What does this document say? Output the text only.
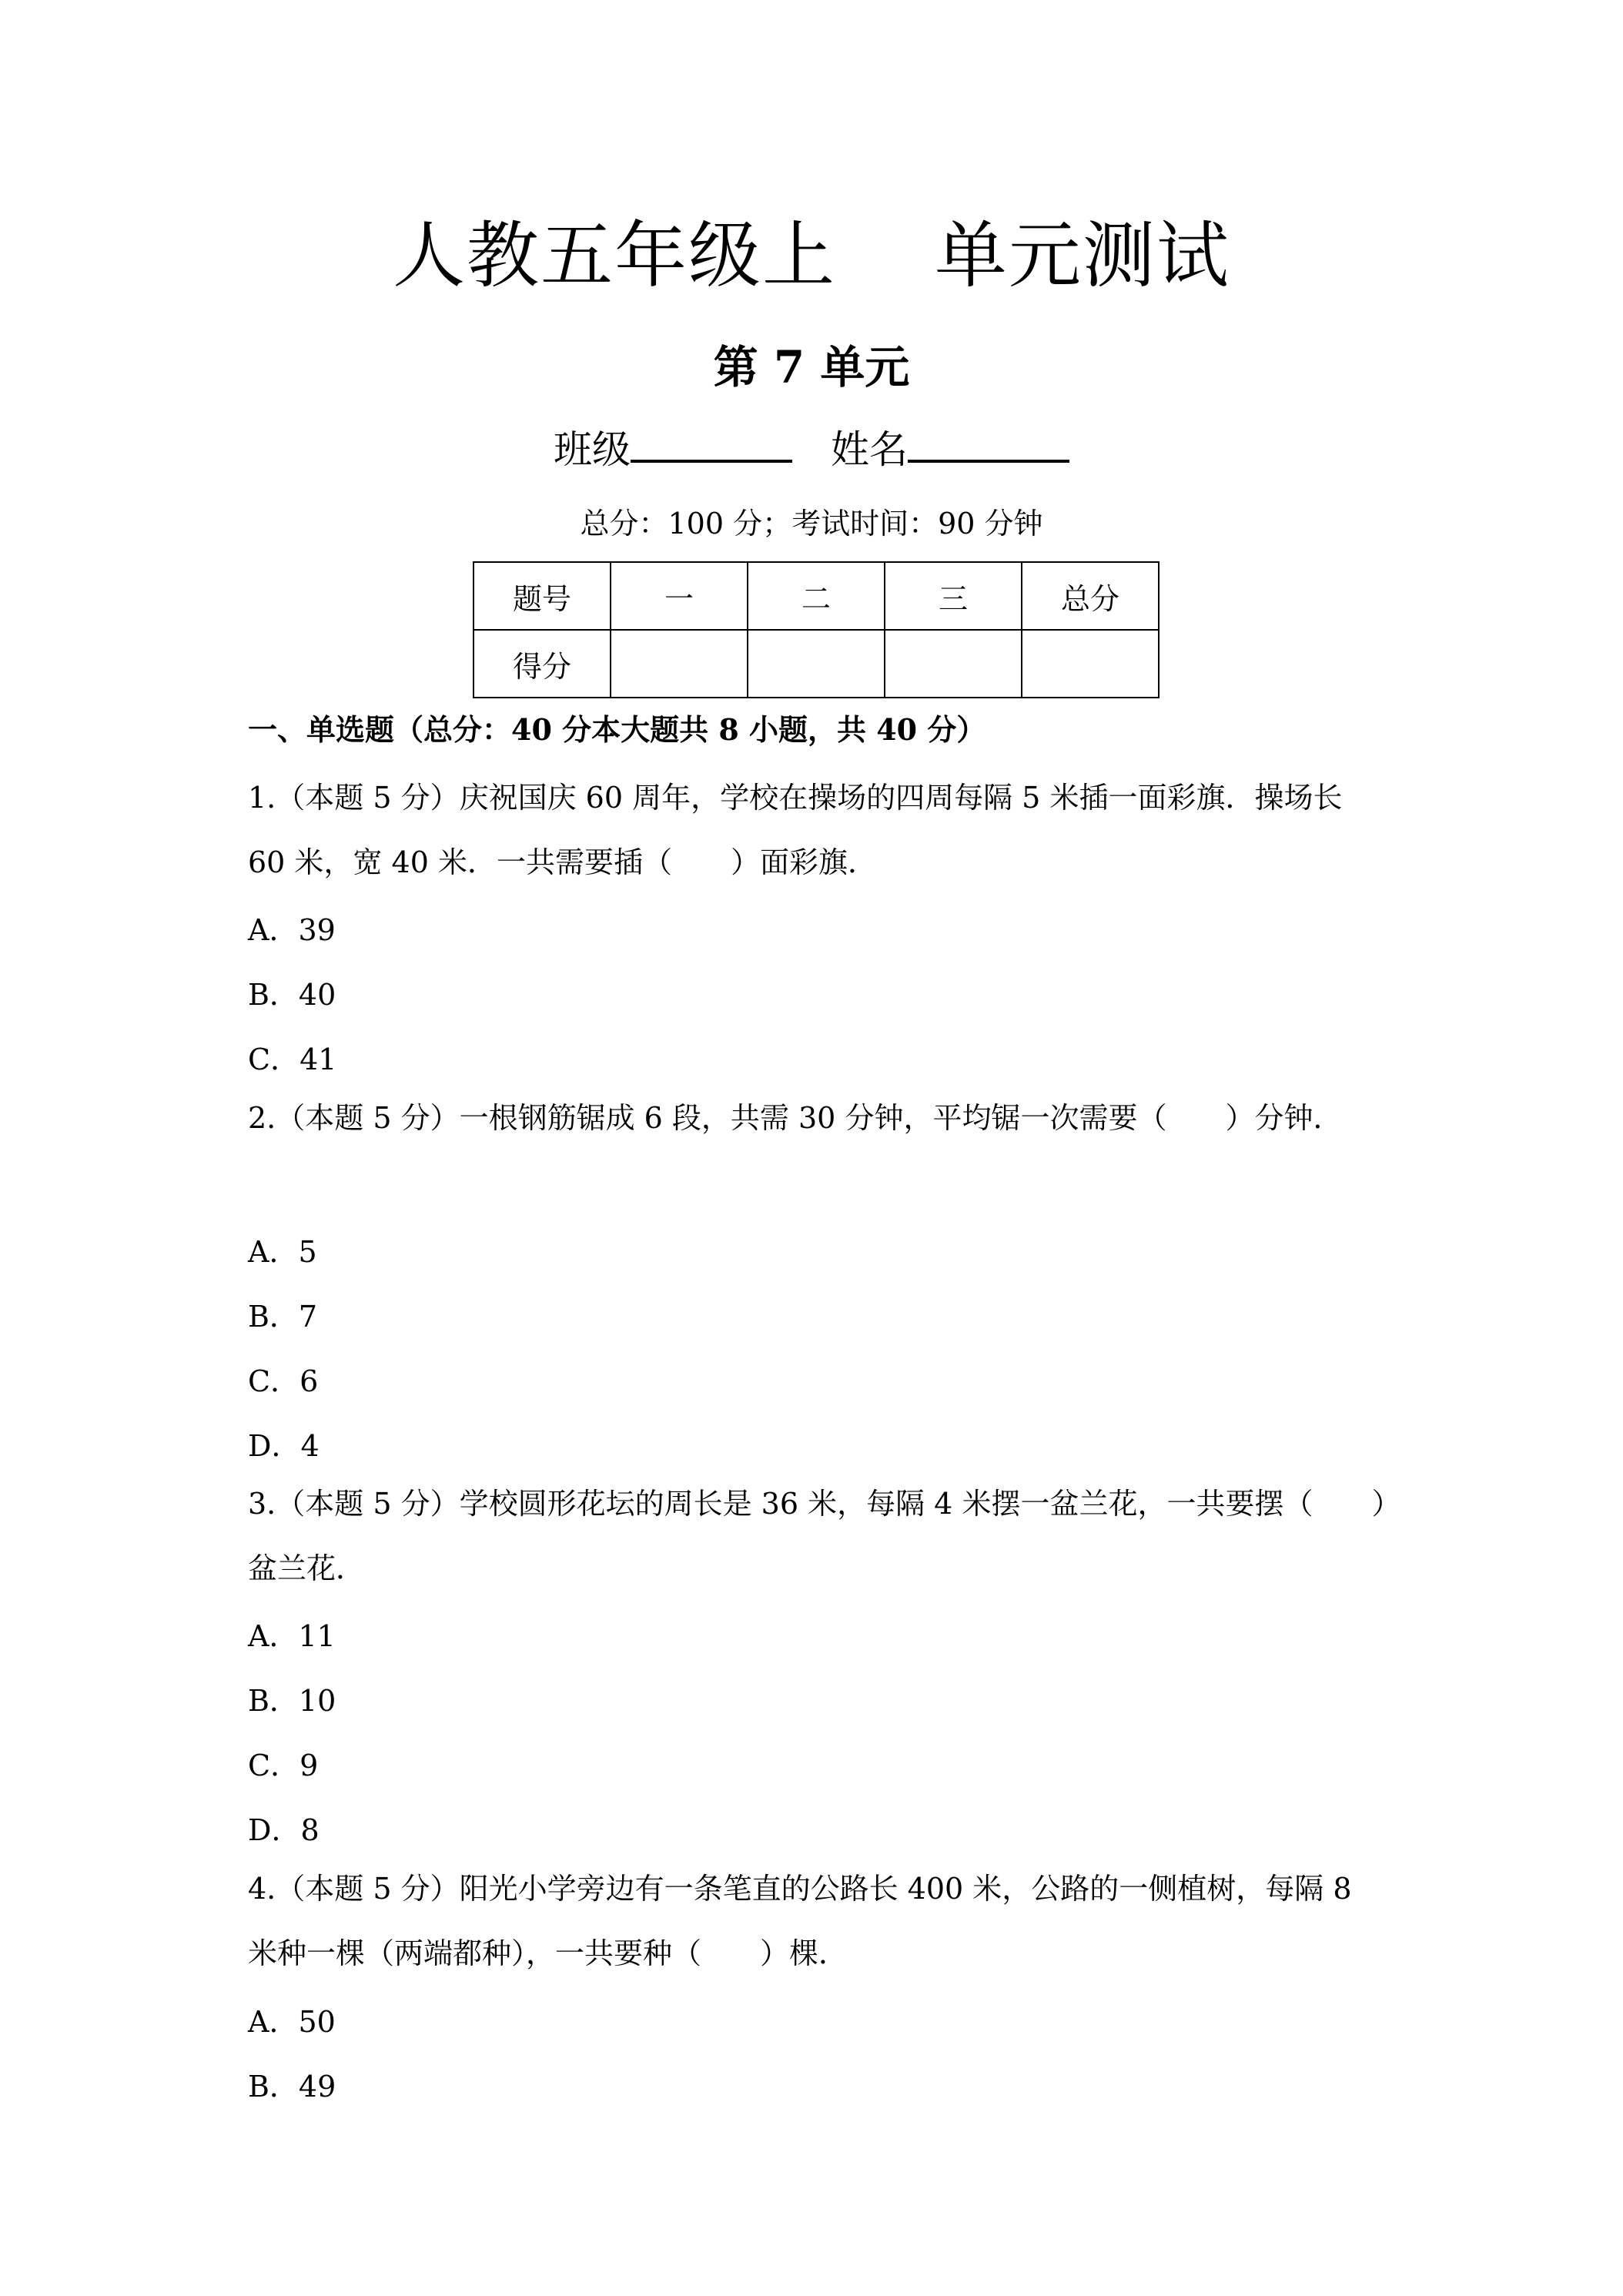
人教五年级上　 单元测试
第 7 单元
班级	姓名
总分：100 分；考试时间：90 分钟
题号	一	二	三	总分
得分				
一、单选题（总分：40 分本大题共 8 小题，共 40 分）
1.（本题 5 分）庆祝国庆 60 周年，学校在操场的四周每隔 5 米插一面彩旗．操场长 60 米，宽 40 米．一共需要插（　　）面彩旗．
A．39
B．40
C．41
2.（本题 5 分）一根钢筋锯成 6 段，共需 30 分钟，平均锯一次需要（　　）分钟．
A．5
B．7
C．6
D．4
3.（本题 5 分）学校圆形花坛的周长是 36 米，每隔 4 米摆一盆兰花，一共要摆（　　）盆兰花．
A．11
B．10
C．9
D．8
4.（本题 5 分）阳光小学旁边有一条笔直的公路长 400 米，公路的一侧植树，每隔 8 米种一棵（两端都种），一共要种（　　）棵．
A．50
B．49
